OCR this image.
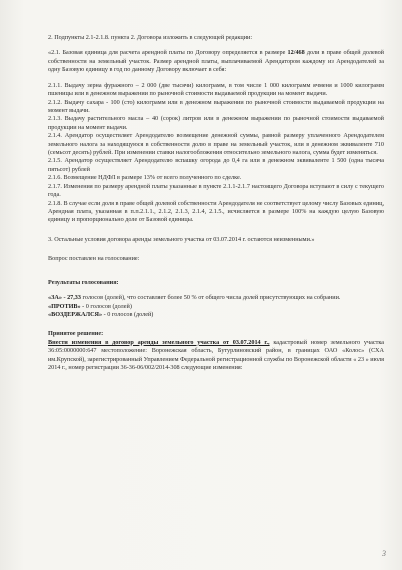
2. Подпункты 2.1-2.1.8. пункта 2. Договора изложить в следующей редакции:

«2.1. Базовая единица для расчета арендной платы по Договору определяется в размере 12/468 доли в праве общей долевой собственности на земельный участок. Размер арендной платы, выплачиваемой Арендатором каждому из Арендодателей за одну Базовую единицу в год по данному Договору включает в себя:

2.1.1. Выдачу зерна фуражного – 2 000 (две тысячи) килограмм, в том числе 1 000 килограмм ячменя и 1000 килограмм пшеницы или в денежном выражении по рыночной стоимости выдаваемой продукции на момент выдачи.

2.1.2. Выдачу сахара - 100 (сто) килограмм или в денежном выражении по рыночной стоимости выдаваемой продукции на момент выдачи.

2.1.3. Выдачу растительного масла – 40 (сорок) литров или в денежном выражении по рыночной стоимости выдаваемой продукции на момент выдачи.

2.1.4. Арендатор осуществляет Арендодателю возмещение денежной суммы, равной размеру уплаченного Арендодателем земельного налога за находящуюся в собственности долю в праве на земельный участок, или в денежном эквиваленте 710 (семьсот десять) рублей. При изменении ставки налогообложения относительно земельного налога, сумма будет изменяться.

2.1.5. Арендатор осуществляет Арендодателю вспашку огорода до 0,4 га или в денежном эквиваленте 1 500 (одна тысяча пятьсот) рублей

2.1.6. Возмещение НДФЛ в размере 13% от всего полученного по сделке.

2.1.7. Изменения по размеру арендной платы указанные в пункте 2.1.1-2.1.7 настоящего Договора вступают в силу с текущего года.

2.1.8. В случае если доля в праве общей долевой собственности Арендодателя не соответствует целому числу Базовых единиц, Арендная плата, указанная в п.п.2.1.1., 2.1.2, 2.1.3, 2.1.4, 2.1.5., исчисляется в размере 100% на каждую целую Базовую единицу и пропорционально доле от Базовой единицы.

3. Остальные условия договора аренды земельного участка от 03.07.2014 г. остаются неизменными.»

Вопрос поставлен на голосование:

Результаты голосования:

«ЗА» - 27,33 голосов (долей), что составляет более 50 % от общего числа долей присутствующих на собрании.

«ПРОТИВ» - 0 голосов (долей)

«ВОЗДЕРЖАЛСЯ» - 0 голосов (долей)

Принятое решение:

Внести изменения в договор аренды земельного участка от 03.07.2014 г., кадастровый номер земельного участка 36:05:0000000:647 местоположение: Воронежская область, Бутурлиновский район, в границах ОАО «Колос» (СХА им.Крупской), зарегистрированный Управлением Федеральной регистрационной службы по Воронежской области « 23 » июля 2014 г., номер регистрации 36-36-06/002/2014-308 следующие изменения:

3
